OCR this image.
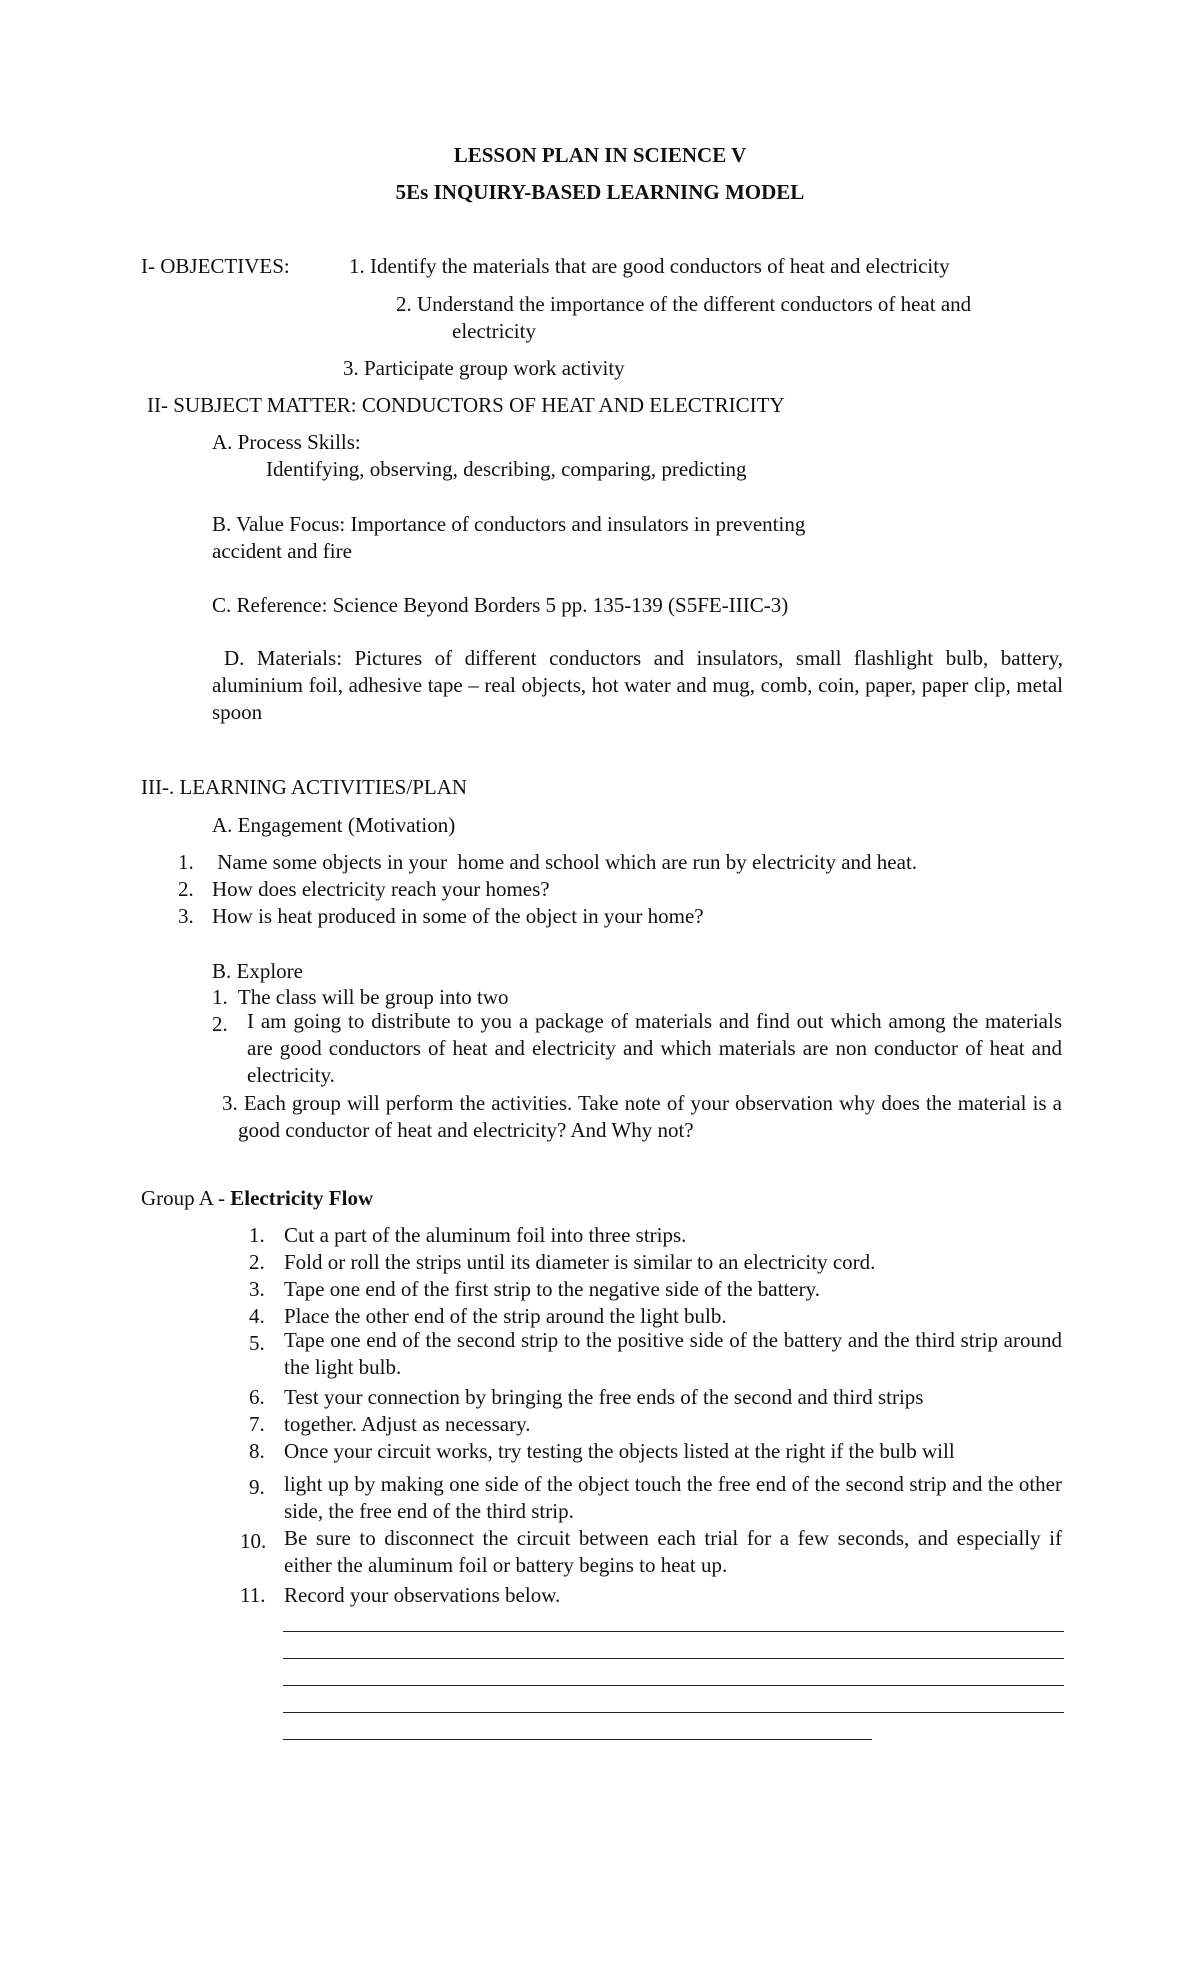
LESSON PLAN IN SCIENCE V
5Es INQUIRY-BASED LEARNING MODEL
I- OBJECTIVES:	1. Identify the materials that are good conductors of heat and electricity
2. Understand the importance of the different conductors of heat and
electricity
3. Participate group work activity
II- SUBJECT MATTER: CONDUCTORS OF HEAT AND ELECTRICITY
A. Process Skills:
Identifying, observing, describing, comparing, predicting
B. Value Focus: Importance of conductors and insulators in preventing
accident and fire
C. Reference: Science Beyond Borders 5 pp. 135-139 (S5FE-IIIC-3)
D. Materials: Pictures of different conductors and insulators, small flashlight bulb, battery, aluminium foil, adhesive tape – real objects, hot water and mug, comb, coin, paper, paper clip, metal spoon
III-. LEARNING ACTIVITIES/PLAN
A. Engagement (Motivation)
1. Name some objects in your  home and school which are run by electricity and heat.
2. How does electricity reach your homes?
3. How is heat produced in some of the object in your home?
B. Explore
1.  The class will be group into two
2. I am going to distribute to you a package of materials and find out which among the materials are good conductors of heat and electricity and which materials are non conductor of heat and electricity.
3. Each group will perform the activities. Take note of your observation why does the material is a good conductor of heat and electricity? And Why not?
Group A - Electricity Flow
1. Cut a part of the aluminum foil into three strips.
2. Fold or roll the strips until its diameter is similar to an electricity cord.
3. Tape one end of the first strip to the negative side of the battery.
4. Place the other end of the strip around the light bulb.
5. Tape one end of the second strip to the positive side of the battery and the third strip around the light bulb.
6. Test your connection by bringing the free ends of the second and third strips
7. together. Adjust as necessary.
8. Once your circuit works, try testing the objects listed at the right if the bulb will
9. light up by making one side of the object touch the free end of the second strip and the other side, the free end of the third strip.
10. Be sure to disconnect the circuit between each trial for a few seconds, and especially if either the aluminum foil or battery begins to heat up.
11. Record your observations below.
